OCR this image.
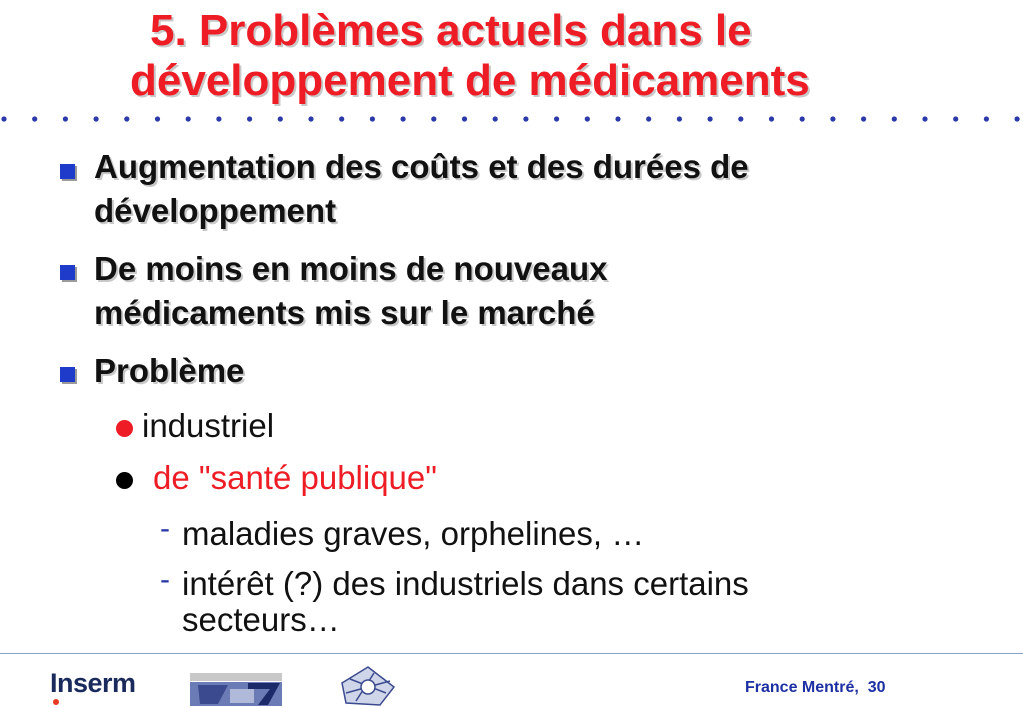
5. Problèmes actuels dans le
développement de médicaments
Augmentation des coûts et des durées de
développement
De moins en moins de nouveaux
médicaments mis sur le marché
Problème
industriel
de "santé publique"
- maladies graves, orphelines, …
- intérêt (?) des industriels dans certains
secteurs…
Inserm	France Mentré, 30
